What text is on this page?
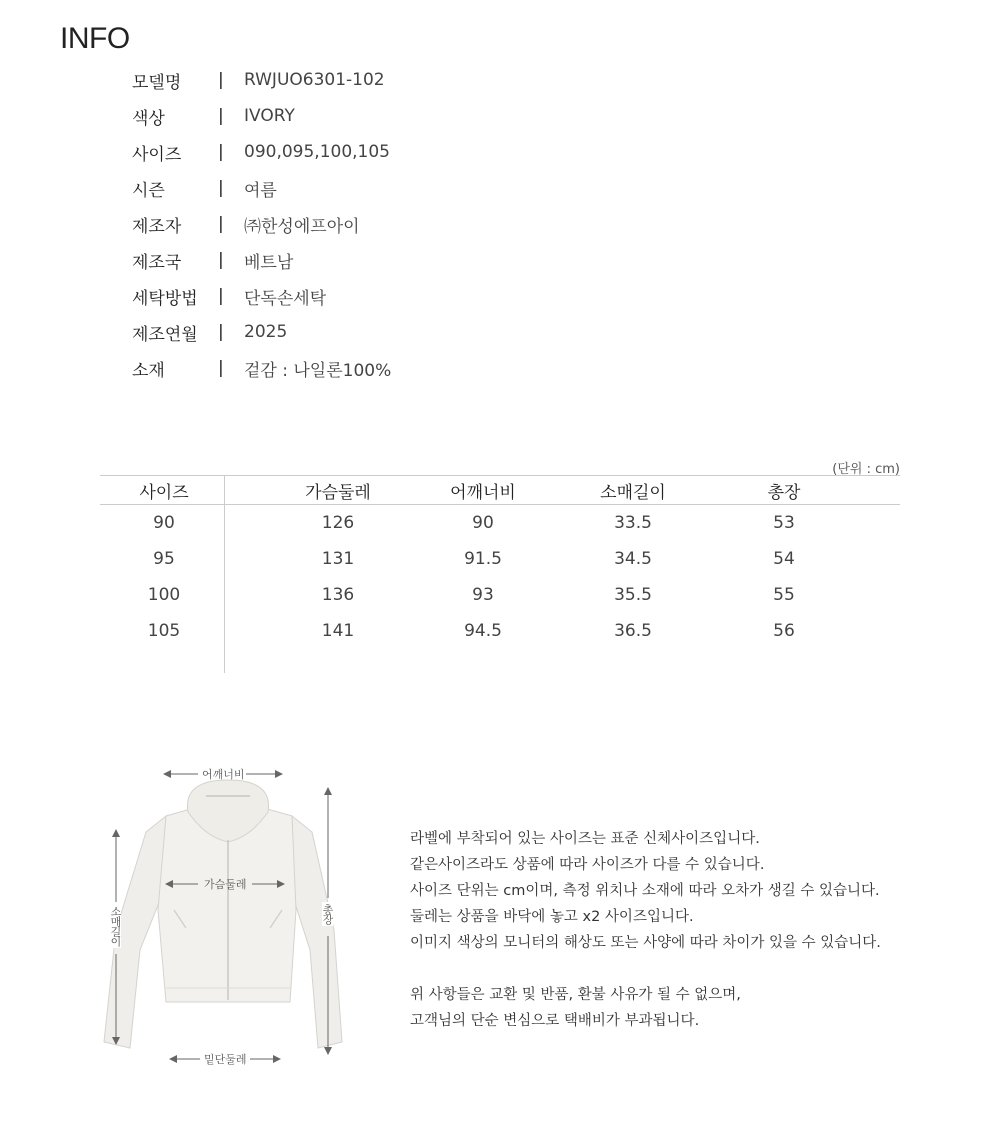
INFO
모델명	|	RWJUO6301-102
색상	|	IVORY
사이즈	|	090,095,100,105
시즌	|	여름
제조자	|	㈜한성에프아이
제조국	|	베트남
세탁방법	|	단독손세탁
제조연월	|	2025
소재	|	겉감 : 나일론100%
(단위 : cm)
사이즈	가슴둘레	어깨너비	소매길이	총장
90	126	90	33.5	53
95	131	91.5	34.5	54
100	136	93	35.5	55
105	141	94.5	36.5	56
어깨너비
가슴둘레
밑단둘레
소매길이	총장
라벨에 부착되어 있는 사이즈는 표준 신체사이즈입니다.
같은사이즈라도 상품에 따라 사이즈가 다를 수 있습니다.
사이즈 단위는 cm이며, 측정 위치나 소재에 따라 오차가 생길 수 있습니다.
둘레는 상품을 바닥에 놓고 x2 사이즈입니다.
이미지 색상의 모니터의 해상도 또는 사양에 따라 차이가 있을 수 있습니다.
위 사항들은 교환 및 반품, 환불 사유가 될 수 없으며,
고객님의 단순 변심으로 택배비가 부과됩니다.
